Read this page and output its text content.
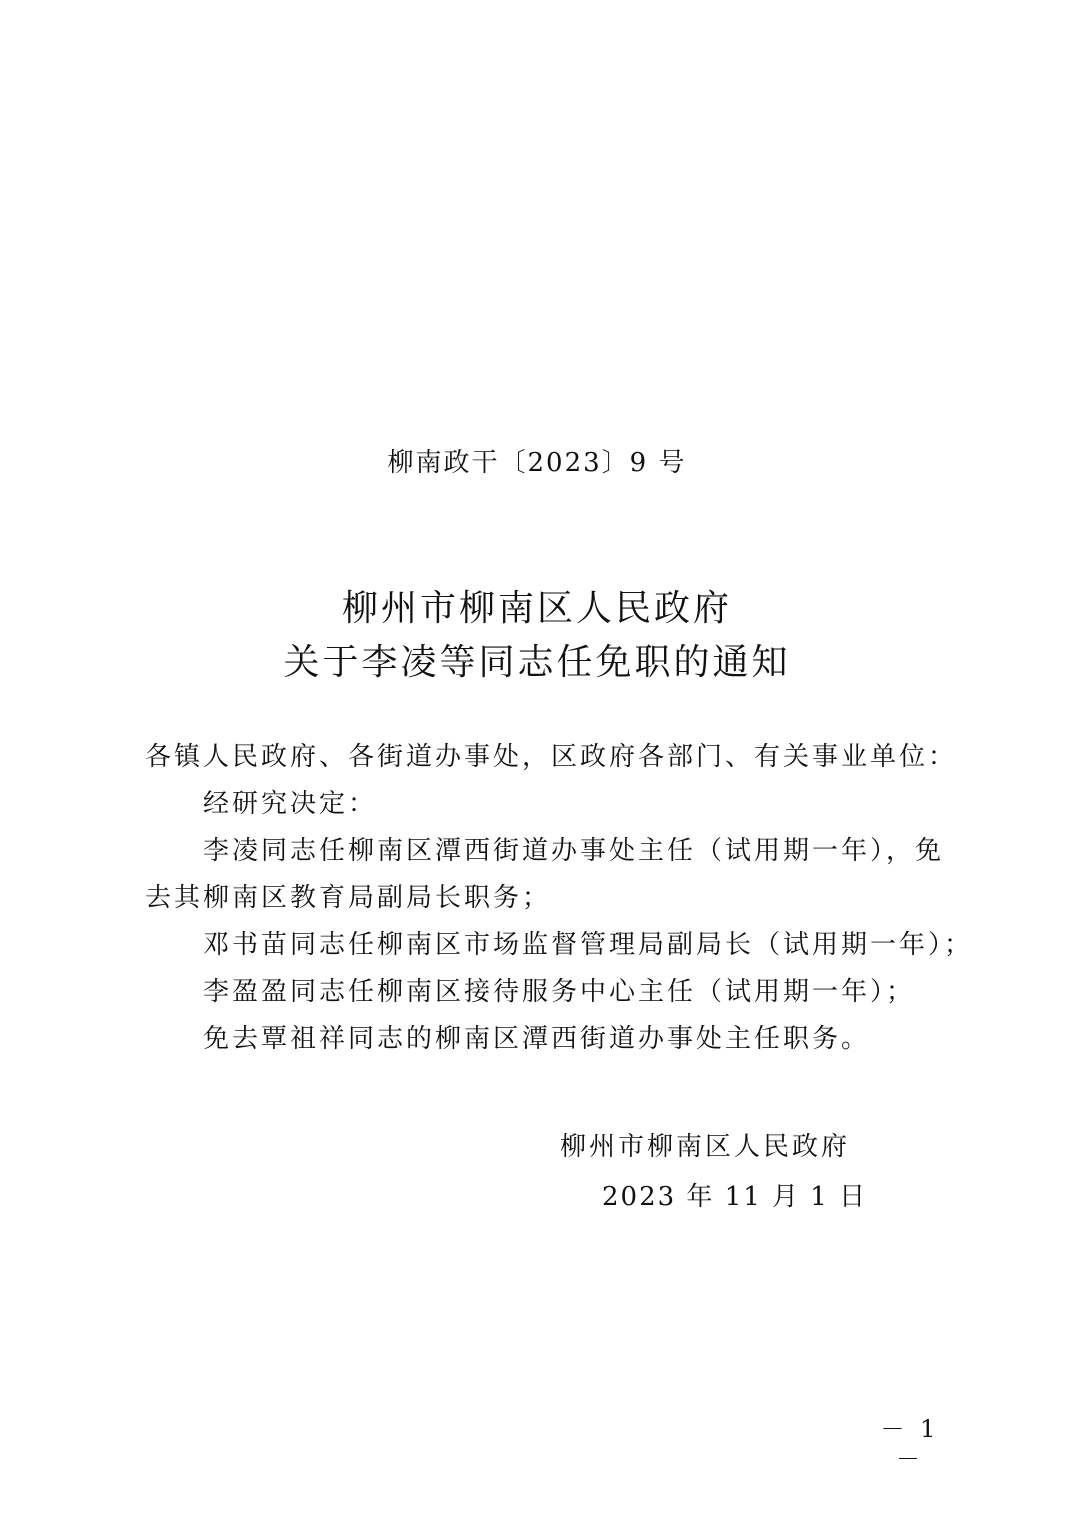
柳南政干〔2023〕9 号
柳州市柳南区人民政府
关于李凌等同志任免职的通知
各镇人民政府、各街道办事处，区政府各部门、有关事业单位：
经研究决定：
李凌同志任柳南区潭西街道办事处主任（试用期一年），免
去其柳南区教育局副局长职务；
邓书苗同志任柳南区市场监督管理局副局长（试用期一年）；
李盈盈同志任柳南区接待服务中心主任（试用期一年）；
免去覃祖祥同志的柳南区潭西街道办事处主任职务。
柳州市柳南区人民政府
2023 年 11 月 1 日
－ 1 －
